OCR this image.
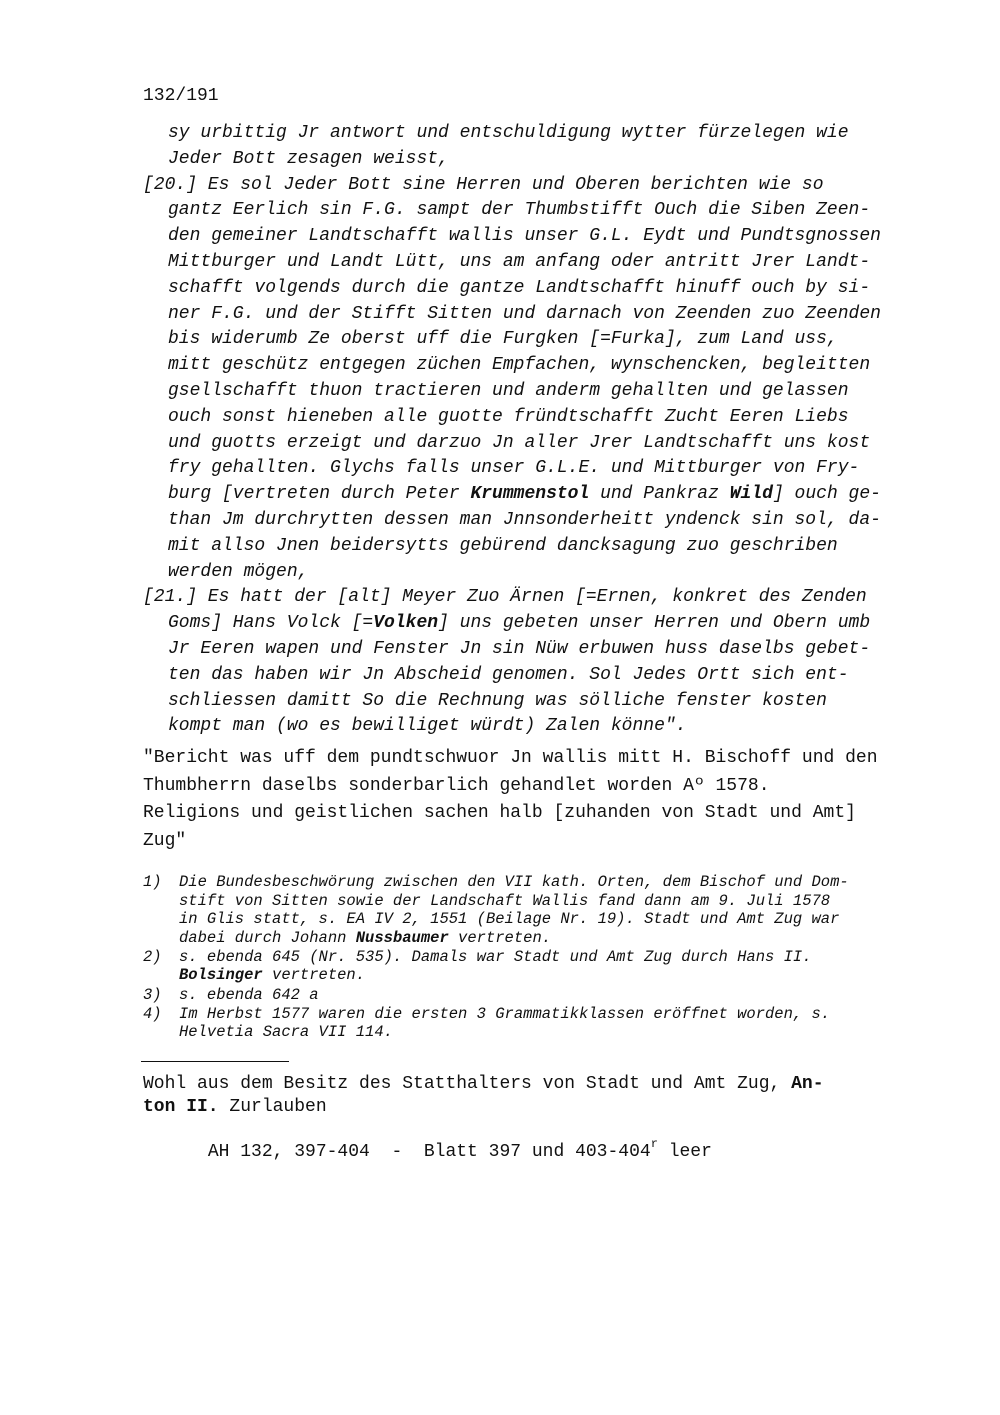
132/191
sy urbittig Jr antwort und entschuldigung wytter fürzelegen wie
Jeder Bott zesagen weisst,
[20.] Es sol Jeder Bott sine Herren und Oberen berichten wie so
gantz Eerlich sin F.G. sampt der Thumbstifft Ouch die Siben Zeen-
den gemeiner Landtschafft wallis unser G.L. Eydt und Pundtsgnossen
Mittburger und Landt Lütt, uns am anfang oder antritt Jrer Landt-
schafft volgends durch die gantze Landtschafft hinuff ouch by si-
ner F.G. und der Stifft Sitten und darnach von Zeenden zuo Zeenden
bis widerumb Ze oberst uff die Furgken [=Furka], zum Land uss,
mitt geschütz entgegen züchen Empfachen, wynschencken, begleitten
gsellschafft thuon tractieren und anderm gehallten und gelassen
ouch sonst hieneben alle guotte fründtschafft Zucht Eeren Liebs
und guotts erzeigt und darzuo Jn aller Jrer Landtschafft uns kost
fry gehallten. Glychs falls unser G.L.E. und Mittburger von Fry-
burg [vertreten durch Peter Krummenstol und Pankraz Wild] ouch ge-
than Jm durchrytten dessen man Jnnsonderheitt yndenck sin sol, da-
mit allso Jnen beidersytts gebürend dancksagung zuo geschriben
werden mögen,
[21.] Es hatt der [alt] Meyer Zuo Ärnen [=Ernen, konkret des Zenden
Goms] Hans Volck [=Volken] uns gebeten unser Herren und Obern umb
Jr Eeren wapen und Fenster Jn sin Nüw erbuwen huss daselbs gebet-
ten das haben wir Jn Abscheid genomen. Sol Jedes Ortt sich ent-
schliessen damitt So die Rechnung was sölliche fenster kosten
kompt man (wo es bewilliget würdt) Zalen könne".
"Bericht was uff dem pundtschwuor Jn wallis mitt H. Bischoff und den
Thumbherrn daselbs sonderbarlich gehandlet worden Aº 1578.
Religions und geistlichen sachen halb [zuhanden von Stadt und Amt]
Zug"
1)	Die Bundesbeschwörung zwischen den VII kath. Orten, dem Bischof und Dom-
stift von Sitten sowie der Landschaft Wallis fand dann am 9. Juli 1578
in Glis statt, s. EA IV 2, 1551 (Beilage Nr. 19). Stadt und Amt Zug war
dabei durch Johann Nussbaumer vertreten.
2)	s. ebenda 645 (Nr. 535). Damals war Stadt und Amt Zug durch Hans II.
Bolsinger vertreten.
3)	s. ebenda 642 a
4)	Im Herbst 1577 waren die ersten 3 Grammatikklassen eröffnet worden, s.
Helvetia Sacra VII 114.
Wohl aus dem Besitz des Statthalters von Stadt und Amt Zug, An-
ton II. Zurlauben

AH 132, 397-404  -  Blatt 397 und 403-404$^r$ leer
